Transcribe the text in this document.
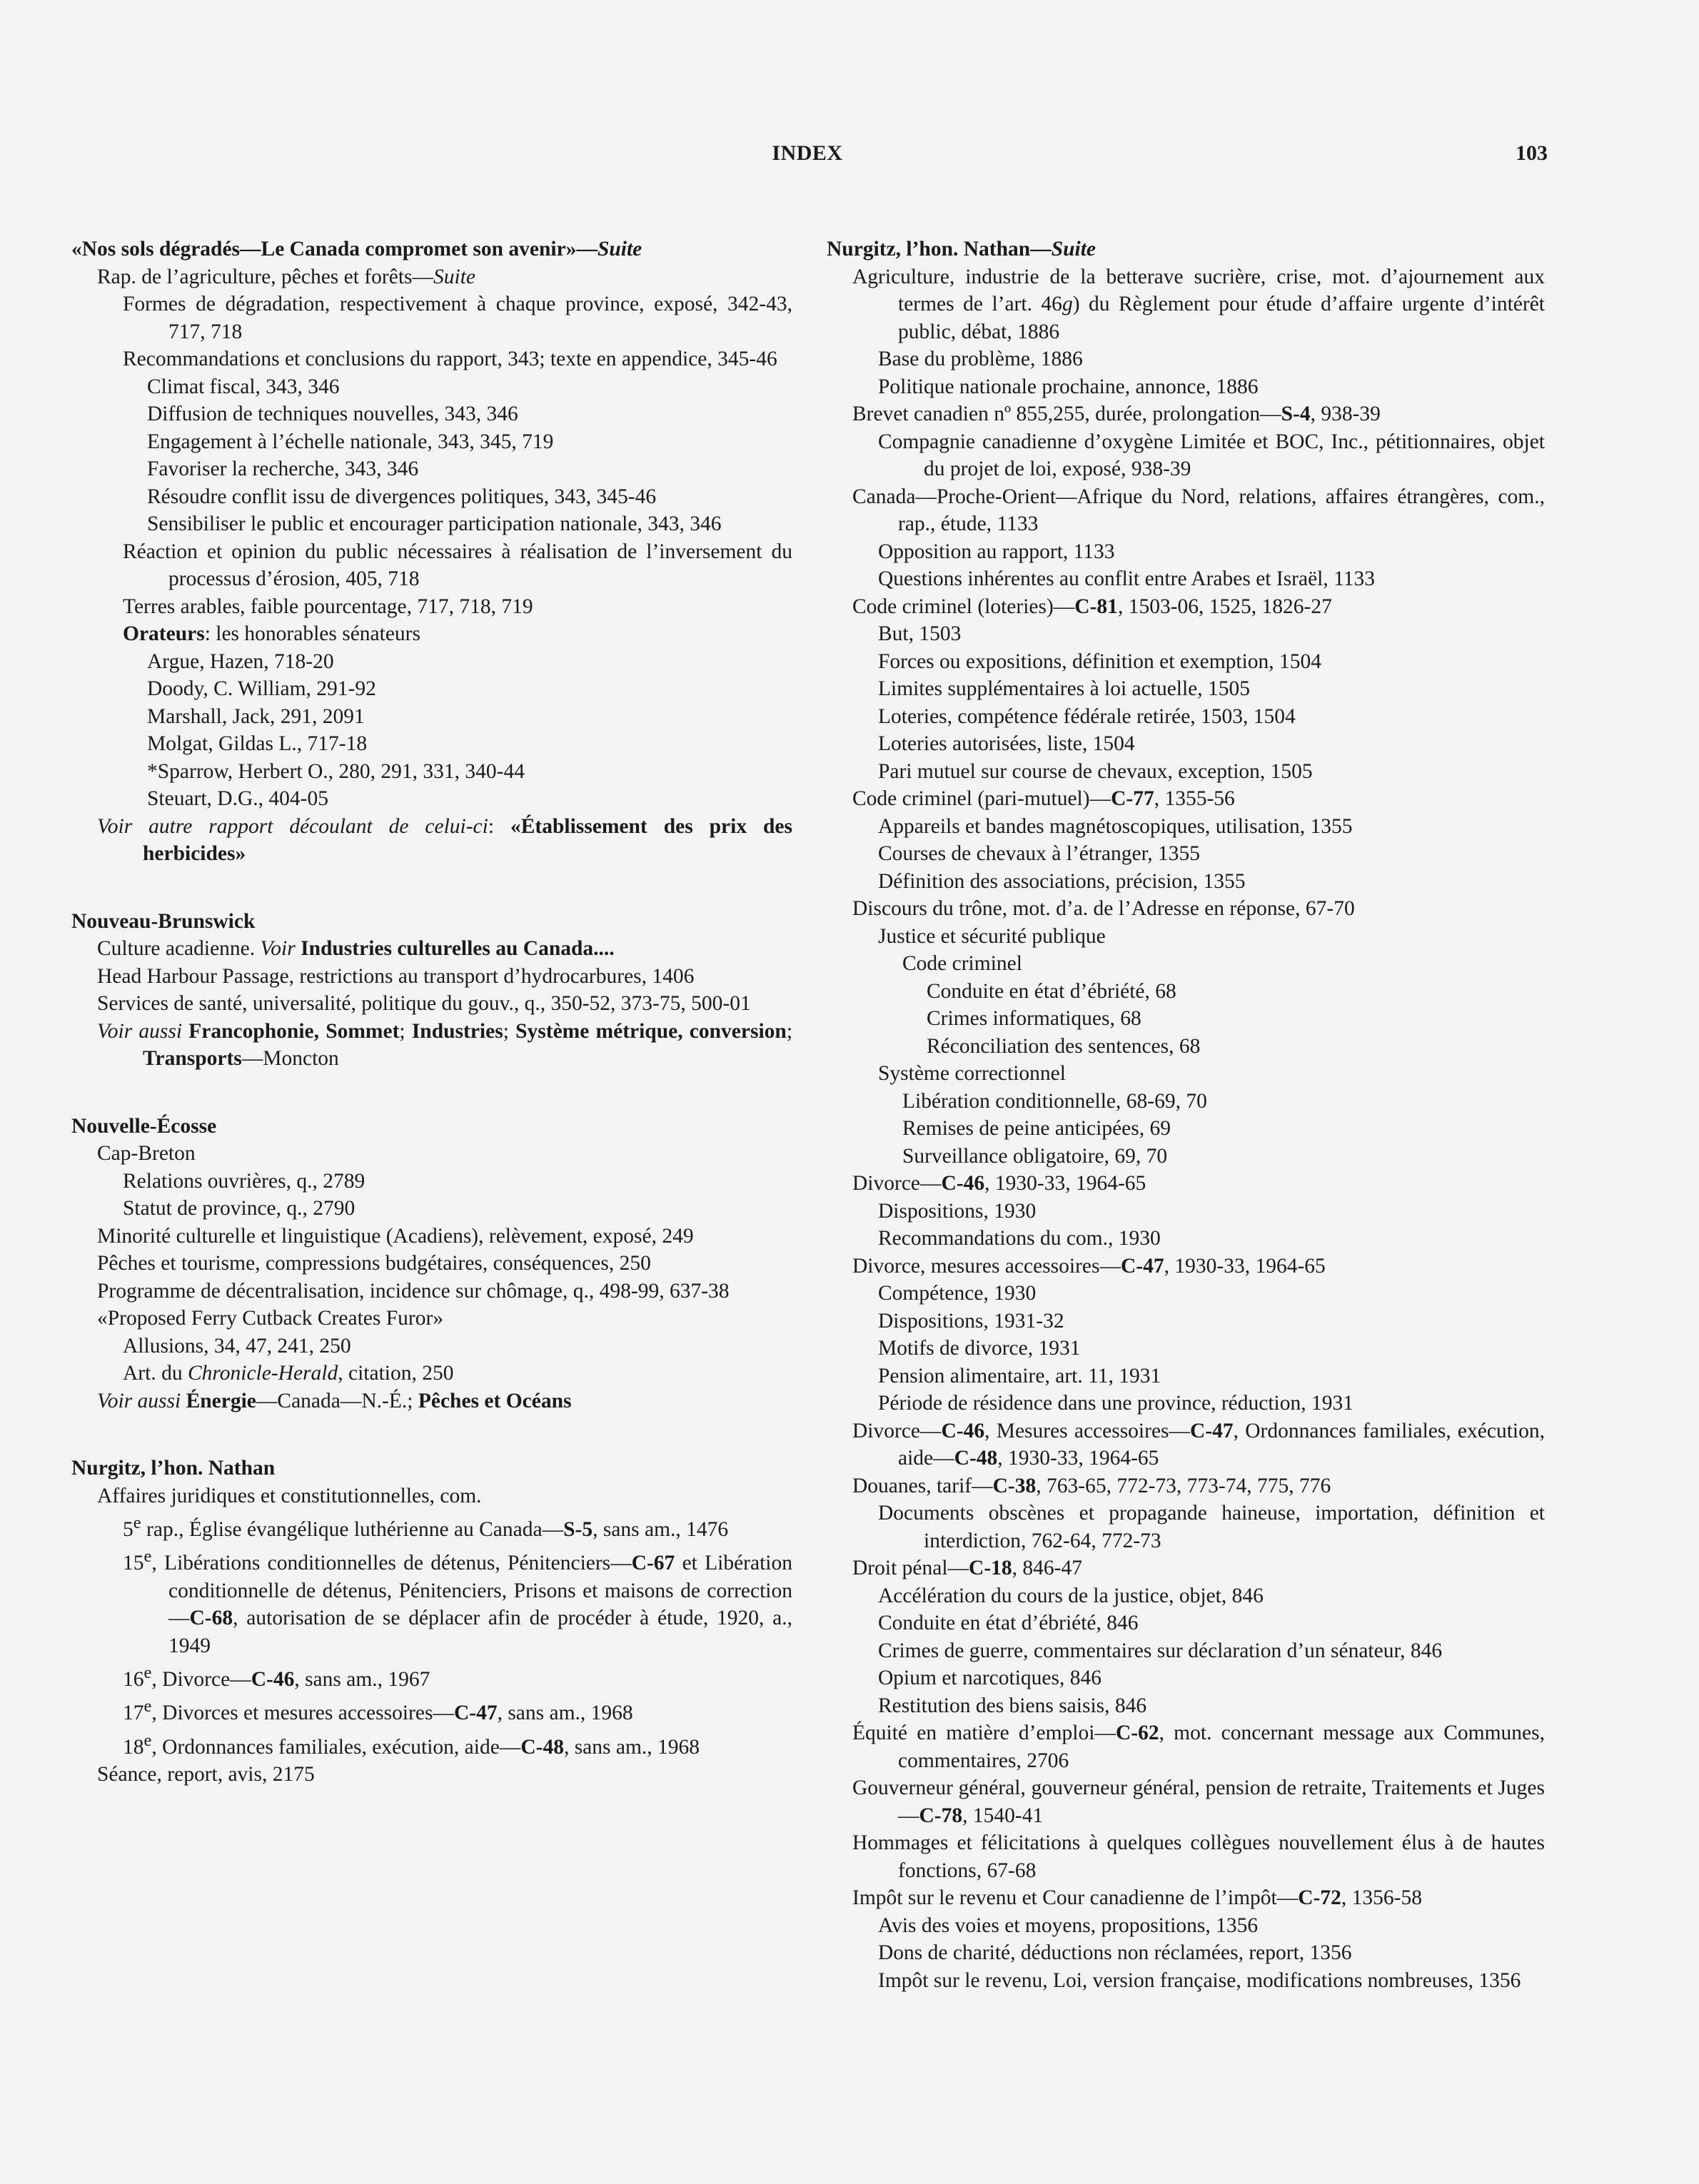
INDEX	103
«Nos sols dégradés—Le Canada compromet son avenir»—Suite
Rap. de l’agriculture, pêches et forêts—Suite
Formes de dégradation, respectivement à chaque province, exposé, 342-43, 717, 718
Recommandations et conclusions du rapport, 343; texte en appendice, 345-46
Climat fiscal, 343, 346
Diffusion de techniques nouvelles, 343, 346
Engagement à l’échelle nationale, 343, 345, 719
Favoriser la recherche, 343, 346
Résoudre conflit issu de divergences politiques, 343, 345-46
Sensibiliser le public et encourager participation nationale, 343, 346
Réaction et opinion du public nécessaires à réalisation de l’inversement du processus d’érosion, 405, 718
Terres arables, faible pourcentage, 717, 718, 719
Orateurs: les honorables sénateurs
Argue, Hazen, 718-20
Doody, C. William, 291-92
Marshall, Jack, 291, 2091
Molgat, Gildas L., 717-18
*Sparrow, Herbert O., 280, 291, 331, 340-44
Steuart, D.G., 404-05
Voir autre rapport découlant de celui-ci: «Établissement des prix des herbicides»
Nouveau-Brunswick
Culture acadienne. Voir Industries culturelles au Canada....
Head Harbour Passage, restrictions au transport d’hydrocarbures, 1406
Services de santé, universalité, politique du gouv., q., 350-52, 373-75, 500-01
Voir aussi Francophonie, Sommet; Industries; Système métrique, conversion; Transports—Moncton
Nouvelle-Écosse
Cap-Breton
Relations ouvrières, q., 2789
Statut de province, q., 2790
Minorité culturelle et linguistique (Acadiens), relèvement, exposé, 249
Pêches et tourisme, compressions budgétaires, conséquences, 250
Programme de décentralisation, incidence sur chômage, q., 498-99, 637-38
«Proposed Ferry Cutback Creates Furor»
Allusions, 34, 47, 241, 250
Art. du Chronicle-Herald, citation, 250
Voir aussi Énergie—Canada—N.-É.; Pêches et Océans
Nurgitz, l’hon. Nathan
Affaires juridiques et constitutionnelles, com.
5e rap., Église évangélique luthérienne au Canada—S-5, sans am., 1476
15e, Libérations conditionnelles de détenus, Pénitenciers—C-67 et Libération conditionnelle de détenus, Pénitenciers, Prisons et maisons de correction—C-68, autorisation de se déplacer afin de procéder à étude, 1920, a., 1949
16e, Divorce—C-46, sans am., 1967
17e, Divorces et mesures accessoires—C-47, sans am., 1968
18e, Ordonnances familiales, exécution, aide—C-48, sans am., 1968
Séance, report, avis, 2175
Nurgitz, l’hon. Nathan—Suite
Agriculture, industrie de la betterave sucrière, crise, mot. d’ajournement aux termes de l’art. 46g) du Règlement pour étude d’affaire urgente d’intérêt public, débat, 1886
Base du problème, 1886
Politique nationale prochaine, annonce, 1886
Brevet canadien nº 855,255, durée, prolongation—S-4, 938-39
Compagnie canadienne d’oxygène Limitée et BOC, Inc., pétitionnaires, objet du projet de loi, exposé, 938-39
Canada—Proche-Orient—Afrique du Nord, relations, affaires étrangères, com., rap., étude, 1133
Opposition au rapport, 1133
Questions inhérentes au conflit entre Arabes et Israël, 1133
Code criminel (loteries)—C-81, 1503-06, 1525, 1826-27
But, 1503
Forces ou expositions, définition et exemption, 1504
Limites supplémentaires à loi actuelle, 1505
Loteries, compétence fédérale retirée, 1503, 1504
Loteries autorisées, liste, 1504
Pari mutuel sur course de chevaux, exception, 1505
Code criminel (pari-mutuel)—C-77, 1355-56
Appareils et bandes magnétoscopiques, utilisation, 1355
Courses de chevaux à l’étranger, 1355
Définition des associations, précision, 1355
Discours du trône, mot. d’a. de l’Adresse en réponse, 67-70
Justice et sécurité publique
Code criminel
Conduite en état d’ébriété, 68
Crimes informatiques, 68
Réconciliation des sentences, 68
Système correctionnel
Libération conditionnelle, 68-69, 70
Remises de peine anticipées, 69
Surveillance obligatoire, 69, 70
Divorce—C-46, 1930-33, 1964-65
Dispositions, 1930
Recommandations du com., 1930
Divorce, mesures accessoires—C-47, 1930-33, 1964-65
Compétence, 1930
Dispositions, 1931-32
Motifs de divorce, 1931
Pension alimentaire, art. 11, 1931
Période de résidence dans une province, réduction, 1931
Divorce—C-46, Mesures accessoires—C-47, Ordonnances familiales, exécution, aide—C-48, 1930-33, 1964-65
Douanes, tarif—C-38, 763-65, 772-73, 773-74, 775, 776
Documents obscènes et propagande haineuse, importation, définition et interdiction, 762-64, 772-73
Droit pénal—C-18, 846-47
Accélération du cours de la justice, objet, 846
Conduite en état d’ébriété, 846
Crimes de guerre, commentaires sur déclaration d’un sénateur, 846
Opium et narcotiques, 846
Restitution des biens saisis, 846
Équité en matière d’emploi—C-62, mot. concernant message aux Communes, commentaires, 2706
Gouverneur général, gouverneur général, pension de retraite, Traitements et Juges—C-78, 1540-41
Hommages et félicitations à quelques collègues nouvellement élus à de hautes fonctions, 67-68
Impôt sur le revenu et Cour canadienne de l’impôt—C-72, 1356-58
Avis des voies et moyens, propositions, 1356
Dons de charité, déductions non réclamées, report, 1356
Impôt sur le revenu, Loi, version française, modifications nombreuses, 1356
